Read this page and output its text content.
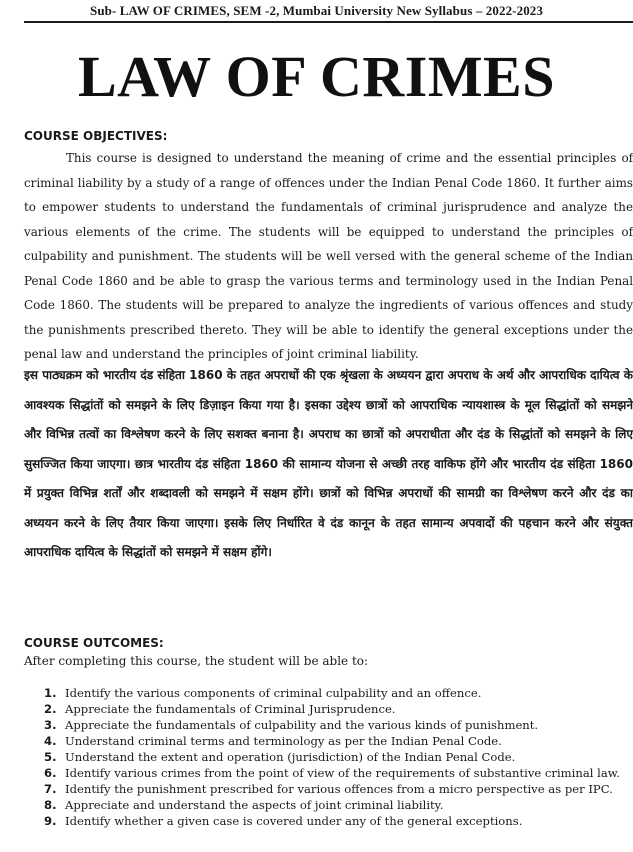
Sub- LAW OF CRIMES, SEM -2, Mumbai University New Syllabus – 2022-2023
LAW OF CRIMES
COURSE OBJECTIVES:

This course is designed to understand the meaning of crime and the essential principles of criminal liability by a study of a range of offences under the Indian Penal Code 1860. It further aims to empower students to understand the fundamentals of criminal jurisprudence and analyze the various elements of the crime. The students will be equipped to understand the principles of culpability and punishment. The students will be well versed with the general scheme of the Indian Penal Code 1860 and be able to grasp the various terms and terminology used in the Indian Penal Code 1860. The students will be prepared to analyze the ingredients of various offences and study the punishments prescribed thereto. They will be able to identify the general exceptions under the penal law and understand the principles of joint criminal liability.

इस पाठ्यक्रम को भारतीय दंड संहिता 1860 के तहत अपराधों की एक श्रृंखला के अध्ययन द्वारा अपराध के अर्थ और आपराधिक दायित्व के आवश्यक सिद्धांतों को समझने के लिए डिज़ाइन किया गया है। इसका उद्देश्य छात्रों को आपराधिक न्यायशास्त्र के मूल सिद्धांतों को समझने और विभिन्न तत्वों का विश्लेषण करने के लिए सशक्त बनाना है। अपराध का छात्रों को अपराधीता और दंड के सिद्धांतों को समझने के लिए सुसज्जित किया जाएगा। छात्र भारतीय दंड संहिता 1860 की सामान्य योजना से अच्छी तरह वाकिफ होंगे और भारतीय दंड संहिता 1860 में प्रयुक्त विभिन्न शर्तों और शब्दावली को समझने में सक्षम होंगे। छात्रों को विभिन्न अपराधों की सामग्री का विश्लेषण करने और दंड का अध्ययन करने के लिए तैयार किया जाएगा। इसके लिए निर्धारित वे दंड कानून के तहत सामान्य अपवादों की पहचान करने और संयुक्त आपराधिक दायित्व के सिद्धांतों को समझने में सक्षम होंगे।

COURSE OUTCOMES:
After completing this course, the student will be able to:
1. Identify the various components of criminal culpability and an offence.
2. Appreciate the fundamentals of Criminal Jurisprudence.
3. Appreciate the fundamentals of culpability and the various kinds of punishment.
4. Understand criminal terms and terminology as per the Indian Penal Code.
5. Understand the extent and operation (jurisdiction) of the Indian Penal Code.
6. Identify various crimes from the point of view of the requirements of substantive criminal law.
7. Identify the punishment prescribed for various offences from a micro perspective as per IPC.
8. Appreciate and understand the aspects of joint criminal liability.
9. Identify whether a given case is covered under any of the general exceptions.
